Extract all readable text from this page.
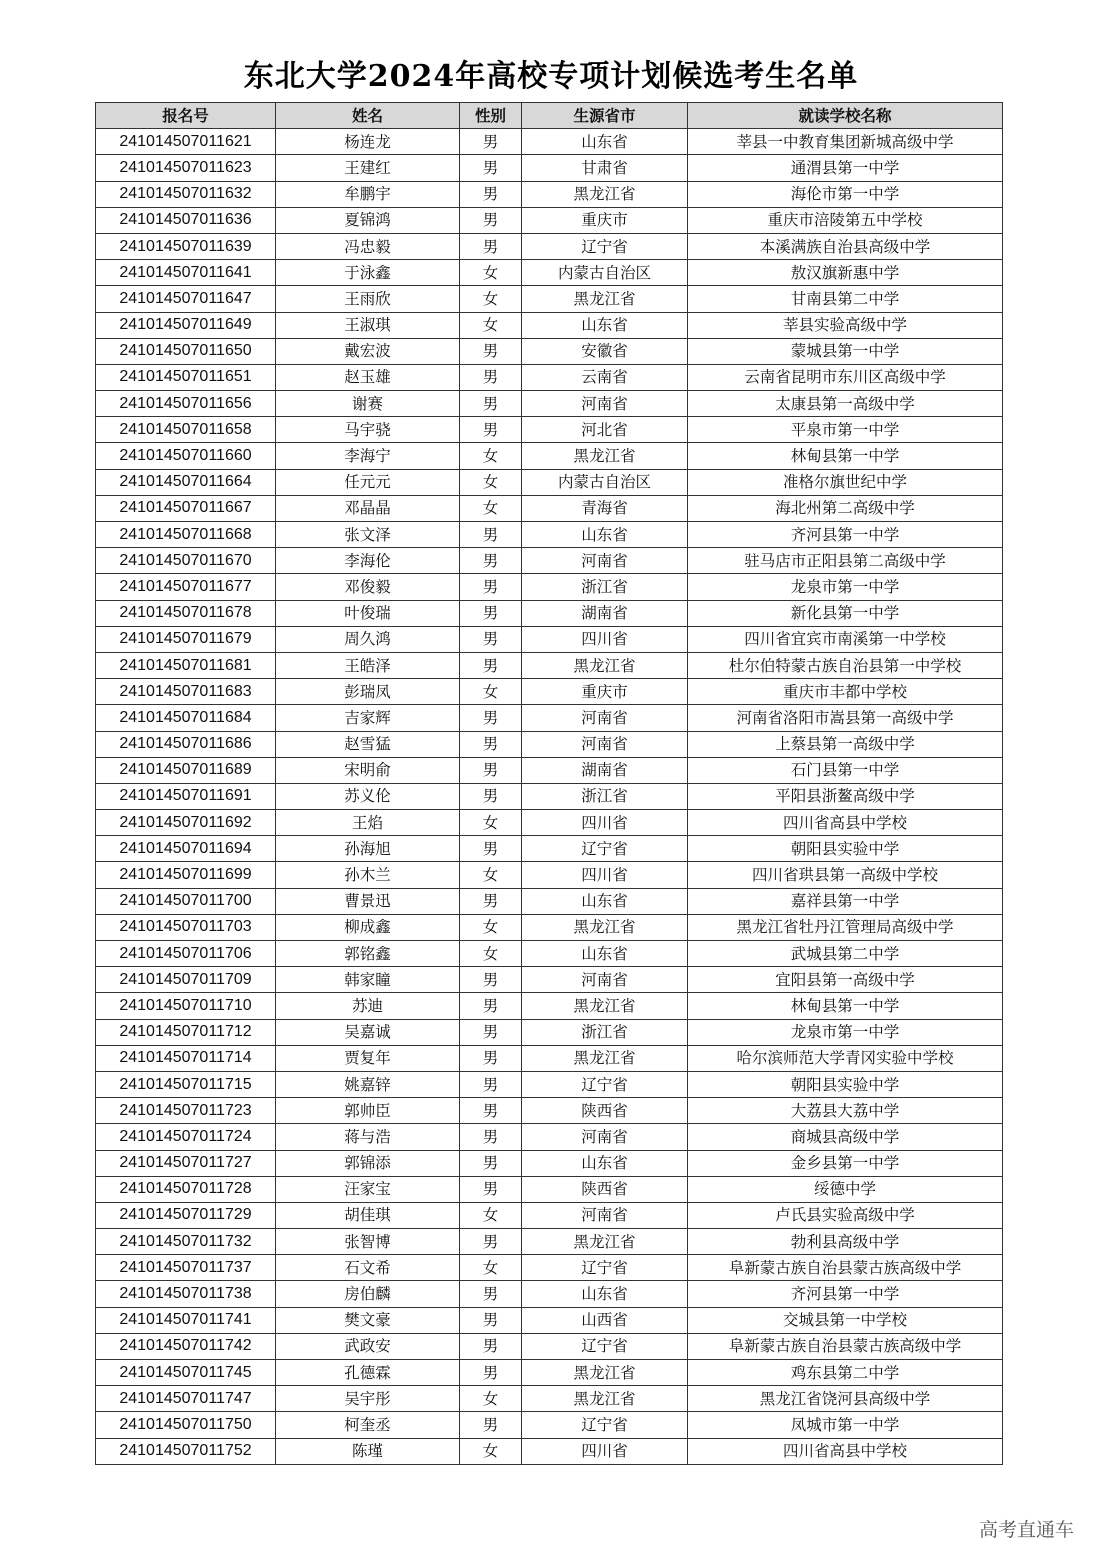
东北大学2024年高校专项计划候选考生名单
报名号	姓名	性别	生源省市	就读学校名称
241014507011621	杨连龙	男	山东省	莘县一中教育集团新城高级中学
241014507011623	王建红	男	甘肃省	通渭县第一中学
241014507011632	牟鹏宇	男	黑龙江省	海伦市第一中学
241014507011636	夏锦鸿	男	重庆市	重庆市涪陵第五中学校
241014507011639	冯忠毅	男	辽宁省	本溪满族自治县高级中学
241014507011641	于泳鑫	女	内蒙古自治区	敖汉旗新惠中学
241014507011647	王雨欣	女	黑龙江省	甘南县第二中学
241014507011649	王淑琪	女	山东省	莘县实验高级中学
241014507011650	戴宏波	男	安徽省	蒙城县第一中学
241014507011651	赵玉雄	男	云南省	云南省昆明市东川区高级中学
241014507011656	谢赛	男	河南省	太康县第一高级中学
241014507011658	马宇骁	男	河北省	平泉市第一中学
241014507011660	李海宁	女	黑龙江省	林甸县第一中学
241014507011664	任元元	女	内蒙古自治区	准格尔旗世纪中学
241014507011667	邓晶晶	女	青海省	海北州第二高级中学
241014507011668	张文泽	男	山东省	齐河县第一中学
241014507011670	李海伦	男	河南省	驻马店市正阳县第二高级中学
241014507011677	邓俊毅	男	浙江省	龙泉市第一中学
241014507011678	叶俊瑞	男	湖南省	新化县第一中学
241014507011679	周久鸿	男	四川省	四川省宜宾市南溪第一中学校
241014507011681	王皓泽	男	黑龙江省	杜尔伯特蒙古族自治县第一中学校
241014507011683	彭瑞凤	女	重庆市	重庆市丰都中学校
241014507011684	吉家辉	男	河南省	河南省洛阳市嵩县第一高级中学
241014507011686	赵雪猛	男	河南省	上蔡县第一高级中学
241014507011689	宋明俞	男	湖南省	石门县第一中学
241014507011691	苏义伦	男	浙江省	平阳县浙鳌高级中学
241014507011692	王焰	女	四川省	四川省高县中学校
241014507011694	孙海旭	男	辽宁省	朝阳县实验中学
241014507011699	孙木兰	女	四川省	四川省珙县第一高级中学校
241014507011700	曹景迅	男	山东省	嘉祥县第一中学
241014507011703	柳成鑫	女	黑龙江省	黑龙江省牡丹江管理局高级中学
241014507011706	郭铭鑫	女	山东省	武城县第二中学
241014507011709	韩家瞳	男	河南省	宜阳县第一高级中学
241014507011710	苏迪	男	黑龙江省	林甸县第一中学
241014507011712	吴嘉诚	男	浙江省	龙泉市第一中学
241014507011714	贾复年	男	黑龙江省	哈尔滨师范大学青冈实验中学校
241014507011715	姚嘉锌	男	辽宁省	朝阳县实验中学
241014507011723	郭帅臣	男	陕西省	大荔县大荔中学
241014507011724	蒋与浩	男	河南省	商城县高级中学
241014507011727	郭锦添	男	山东省	金乡县第一中学
241014507011728	汪家宝	男	陕西省	绥德中学
241014507011729	胡佳琪	女	河南省	卢氏县实验高级中学
241014507011732	张智博	男	黑龙江省	勃利县高级中学
241014507011737	石文希	女	辽宁省	阜新蒙古族自治县蒙古族高级中学
241014507011738	房伯麟	男	山东省	齐河县第一中学
241014507011741	樊文豪	男	山西省	交城县第一中学校
241014507011742	武政安	男	辽宁省	阜新蒙古族自治县蒙古族高级中学
241014507011745	孔德霖	男	黑龙江省	鸡东县第二中学
241014507011747	吴宇彤	女	黑龙江省	黑龙江省饶河县高级中学
241014507011750	柯奎丞	男	辽宁省	凤城市第一中学
241014507011752	陈瑾	女	四川省	四川省高县中学校
高考直通车
